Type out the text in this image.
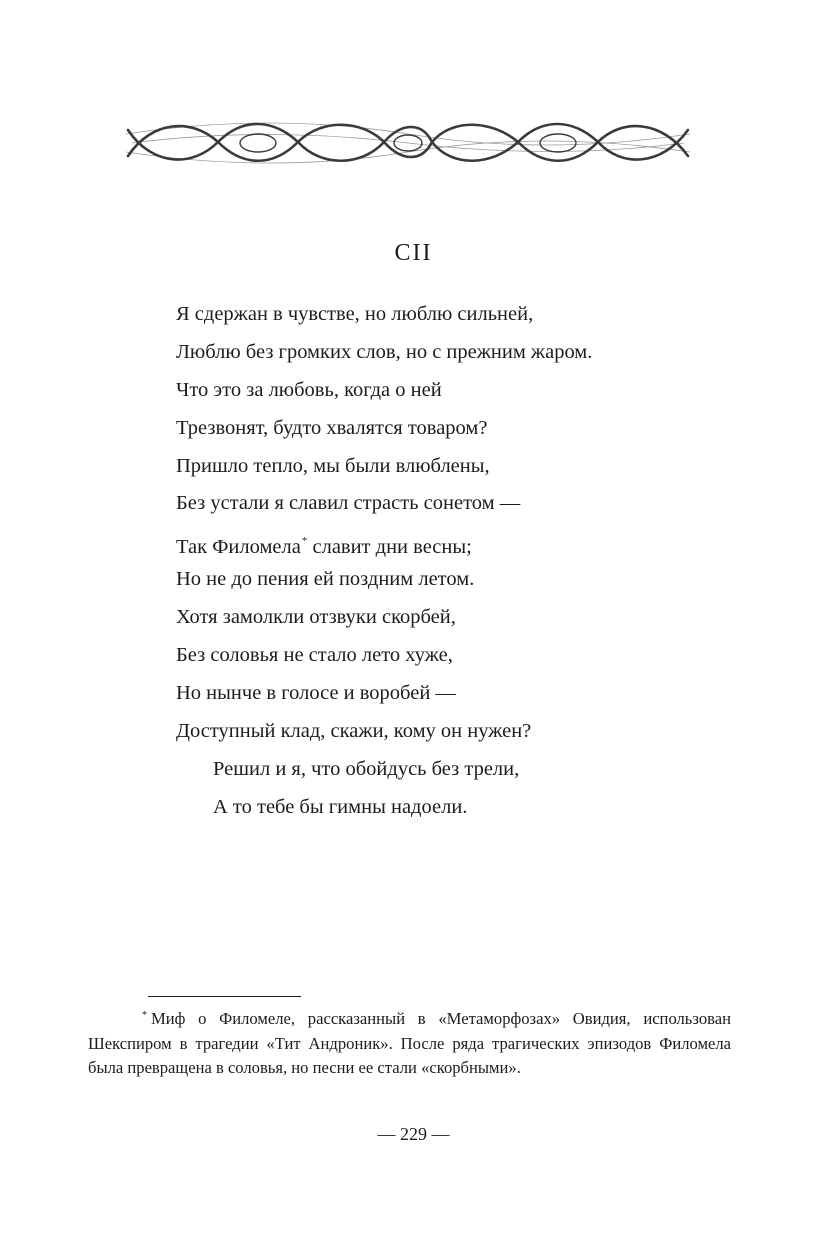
CII
Я сдержан в чувстве, но люблю сильней,
Люблю без громких слов, но с прежним жаром.
Что это за любовь, когда о ней
Трезвонят, будто хвалятся товаром?
Пришло тепло, мы были влюблены,
Без устали я славил страсть сонетом —
Так Филомела* славит дни весны;
Но не до пения ей поздним летом.
Хотя замолкли отзвуки скорбей,
Без соловья не стало лето хуже,
Но нынче в голосе и воробей —
Доступный клад, скажи, кому он нужен?
Решил и я, что обойдусь без трели,
А то тебе бы гимны надоели.
* Миф о Филомеле, рассказанный в «Метаморфозах» Овидия, использован Шекспиром в трагедии «Тит Андроник». После ряда трагических эпизодов Филомела была превращена в соловья, но песни ее стали «скорбными».
— 229 —
